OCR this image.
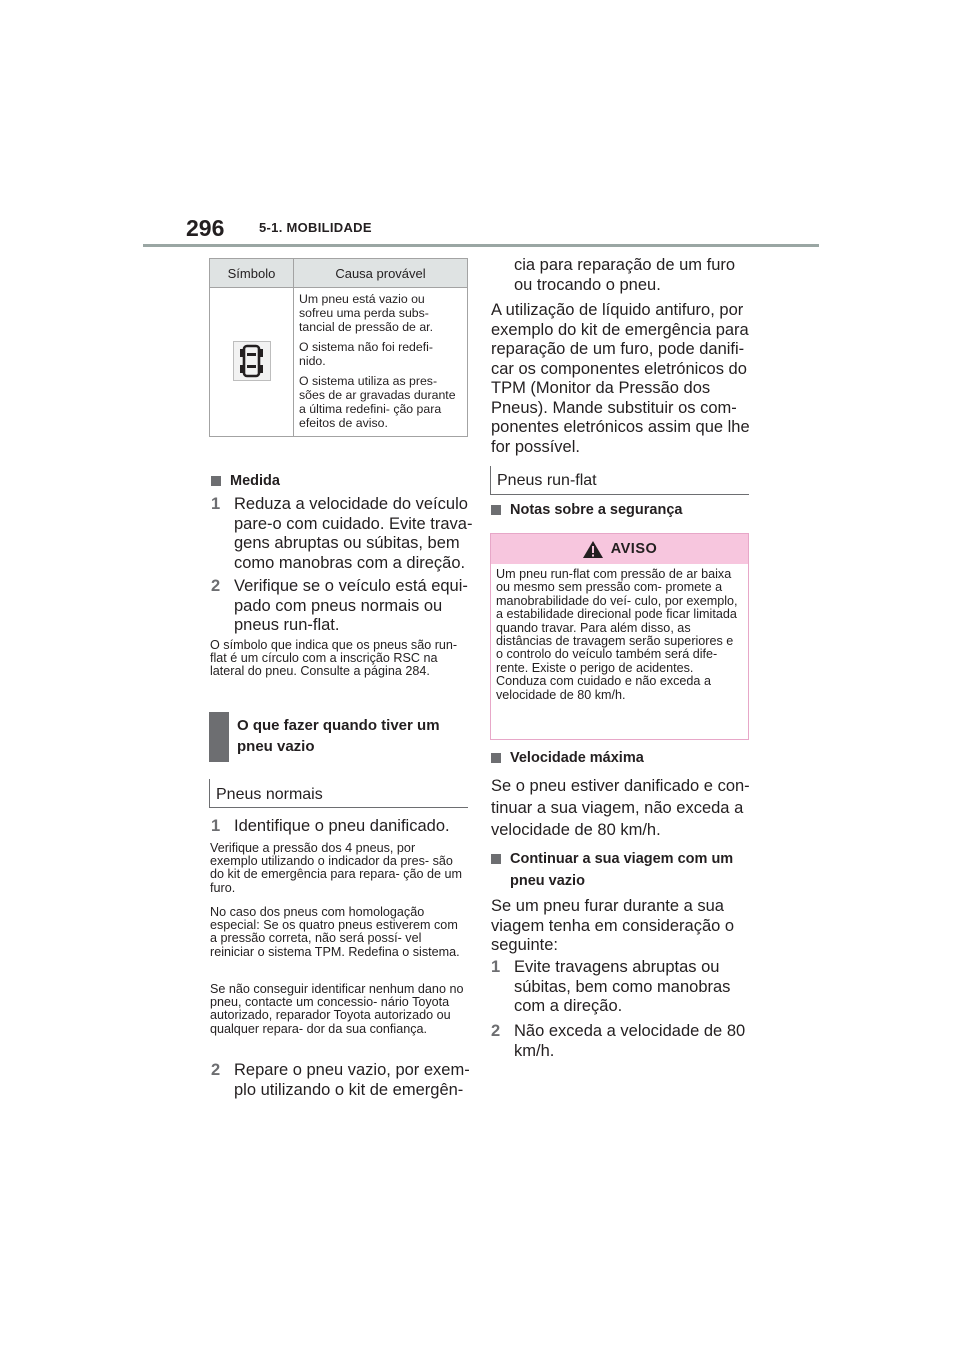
296	5-1. MOBILIDADE
Símbolo	Causa provável

Um pneu está vazio ou sofreu uma perda subs- tancial de pressão de ar.

O sistema não foi redefi- nido.

O sistema utiliza as pres- sões de ar gravadas durante a última redefini- ção para efeitos de aviso.

Medida
1 Reduza a velocidade do veículo pare-o com cuidado. Evite trava- gens abruptas ou súbitas, bem como manobras com a direção.
2 Verifique se o veículo está equi- pado com pneus normais ou pneus run-flat.
O símbolo que indica que os pneus são run-flat é um círculo com a inscrição RSC na lateral do pneu. Consulte a página 284.
O que fazer quando tiver um pneu vazio
Pneus normais
1 Identifique o pneu danificado.
Verifique a pressão dos 4 pneus, por exemplo utilizando o indicador da pres- são do kit de emergência para repara- ção de um furo.
No caso dos pneus com homologação especial: Se os quatro pneus estiverem com a pressão correta, não será possí- vel reiniciar o sistema TPM. Redefina o sistema.
Se não conseguir identificar nenhum dano no pneu, contacte um concessio- nário Toyota autorizado, reparador Toyota autorizado ou qualquer repara- dor da sua confiança.
2 Repare o pneu vazio, por exem- plo utilizando o kit de emergên-
cia para reparação de um furo ou trocando o pneu.
A utilização de líquido antifuro, por exemplo do kit de emergência para reparação de um furo, pode danifi- car os componentes eletrónicos do TPM (Monitor da Pressão dos Pneus). Mande substituir os com- ponentes eletrónicos assim que lhe for possível.
Pneus run-flat
Notas sobre a segurança
AVISO
Um pneu run-flat com pressão de ar baixa ou mesmo sem pressão com- promete a manobrabilidade do veí- culo, por exemplo, a estabilidade direcional pode ficar limitada quando travar. Para além disso, as distâncias de travagem serão superiores e o controlo do veículo também será dife- rente. Existe o perigo de acidentes. Conduza com cuidado e não exceda a velocidade de 80 km/h.
Velocidade máxima
Se o pneu estiver danificado e con- tinuar a sua viagem, não exceda a velocidade de 80 km/h.
Continuar a sua viagem com um pneu vazio
Se um pneu furar durante a sua viagem tenha em consideração o seguinte:
1 Evite travagens abruptas ou súbitas, bem como manobras com a direção.
2 Não exceda a velocidade de 80 km/h.
